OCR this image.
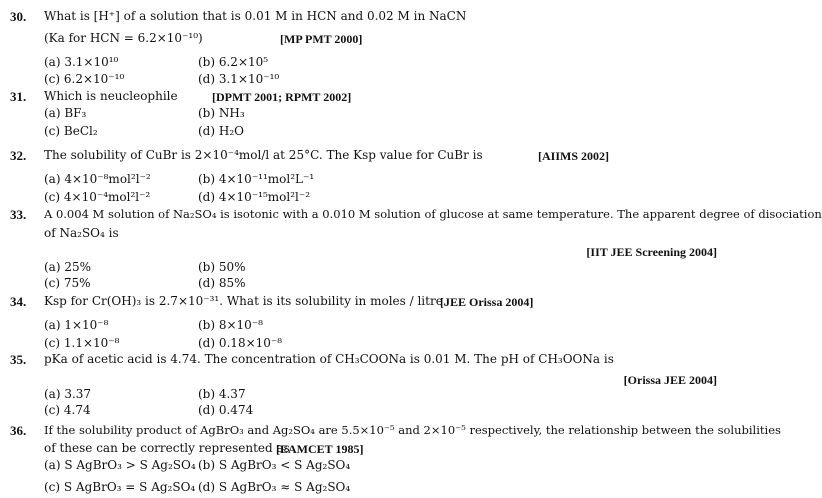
30. What is [H⁺] of a solution that is 0.01 M in HCN and 0.02 M in NaCN
(Ka for HCN = 6.2×10⁻¹⁰)	[MP PMT 2000]
(a) 3.1×10¹⁰	(b) 6.2×10⁵
(c) 6.2×10⁻¹⁰	(d) 3.1×10⁻¹⁰
31. Which is neucleophile	[DPMT 2001; RPMT 2002]
(a) BF₃	(b) NH₃
(c) BeCl₂	(d) H₂O
32. The solubility of CuBr is 2×10⁻⁴mol/l at 25°C. The Ksp value for CuBr is	[AIIMS 2002]
(a) 4×10⁻⁸mol²l⁻²	(b) 4×10⁻¹¹mol²L⁻¹
(c) 4×10⁻⁴mol²l⁻²	(d) 4×10⁻¹⁵mol²l⁻²
33. A 0.004 M solution of Na₂SO₄ is isotonic with a 0.010 M solution of glucose at same temperature. The apparent degree of disociation
of Na₂SO₄ is
[IIT JEE Screening 2004]
(a) 25%	(b) 50%
(c) 75%	(d) 85%
34. Ksp for Cr(OH)₃ is 2.7×10⁻³¹. What is its solubility in moles / litre.
[JEE Orissa 2004]
(a) 1×10⁻⁸	(b) 8×10⁻⁸
(c) 1.1×10⁻⁸	(d) 0.18×10⁻⁸
35. pKa of acetic acid is 4.74. The concentration of CH₃COONa is 0.01 M. The pH of CH₃OONa is
[Orissa JEE 2004]
(a) 3.37	(b) 4.37
(c) 4.74	(d) 0.474
36. If the solubility product of AgBrO₃ and Ag₂SO₄ are 5.5×10⁻⁵ and 2×10⁻⁵ respectively, the relationship between the solubilities
of these can be correctly represented as
[EAMCET 1985]
(a) S AgBrO₃ > S Ag₂SO₄ (b) S AgBrO₃ < S Ag₂SO₄
(c) S AgBrO₃ = S Ag₂SO₄ (d) S AgBrO₃ ≈ S Ag₂SO₄
